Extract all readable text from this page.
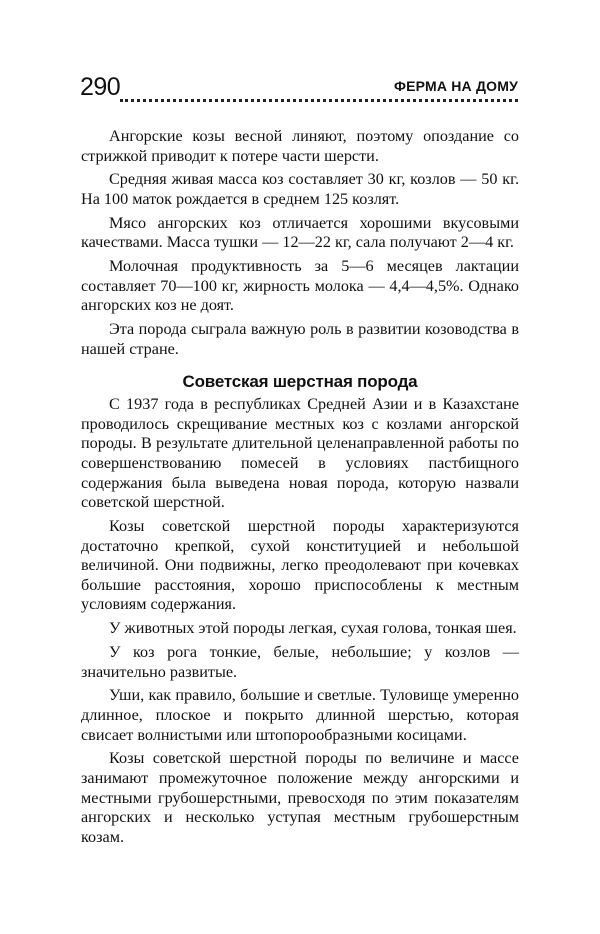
290	ФЕРМА НА ДОМУ

Ангорские козы весной линяют, поэтому опоздание со стрижкой приводит к потере части шерсти.

Средняя живая масса коз составляет 30 кг, козлов — 50 кг. На 100 маток рождается в среднем 125 козлят.

Мясо ангорских коз отличается хорошими вкусовыми качествами. Масса тушки — 12—22 кг, сала получают 2—4 кг.

Молочная продуктивность за 5—6 месяцев лактации составляет 70—100 кг, жирность молока — 4,4—4,5%. Однако ангорских коз не доят.

Эта порода сыграла важную роль в развитии козоводства в нашей стране.

Советская шерстная порода

С 1937 года в республиках Средней Азии и в Казахстане проводилось скрещивание местных коз с козлами ангорской породы. В результате длительной целенаправленной работы по совершенствованию помесей в условиях пастбищного содержания была выведена новая порода, которую назвали советской шерстной.

Козы советской шерстной породы характеризуются достаточно крепкой, сухой конституцией и небольшой величиной. Они подвижны, легко преодолевают при кочевках большие расстояния, хорошо приспособлены к местным условиям содержания.

У животных этой породы легкая, сухая голова, тонкая шея.

У коз рога тонкие, белые, небольшие; у козлов — значительно развитые.

Уши, как правило, большие и светлые. Туловище умеренно длинное, плоское и покрыто длинной шерстью, которая свисает волнистыми или штопорообразными косицами.

Козы советской шерстной породы по величине и массе занимают промежуточное положение между ангорскими и местными грубошерстными, превосходя по этим показателям ангорских и несколько уступая местным грубошерстным козам.
